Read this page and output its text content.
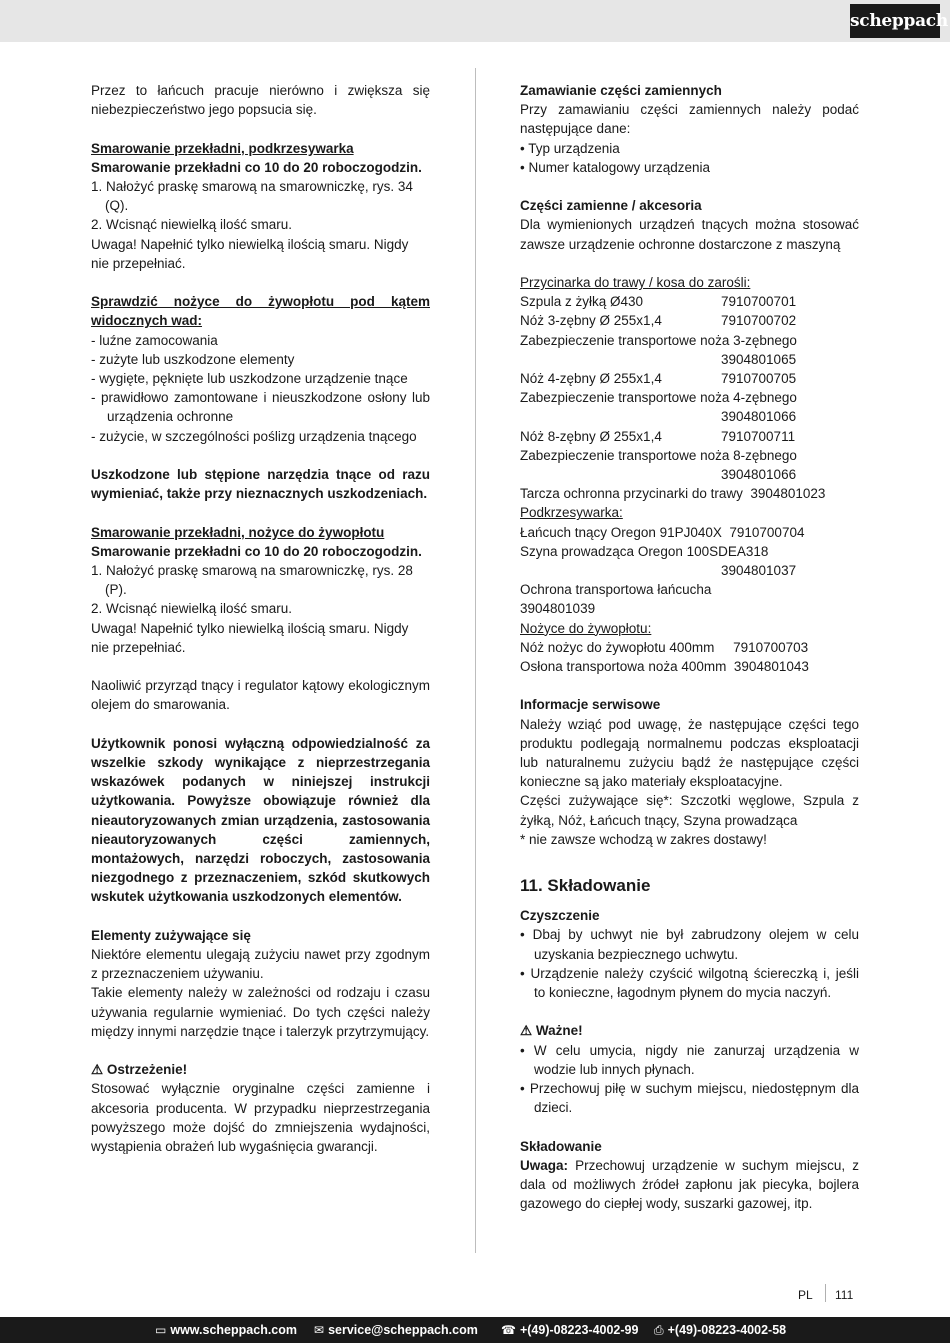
scheppach

Przez to łańcuch pracuje nierówno i zwiększa się niebezpieczeństwo jego popsucia się.

Smarowanie przekładni, podkrzesywarka

Smarowanie przekładni co 10 do 20 roboczogodzin.

1. Nałożyć praskę smarową na smarowniczkę, rys. 34 (Q).

2. Wcisnąć niewielką ilość smaru.

Uwaga! Napełnić tylko niewielką ilością smaru. Nigdy nie przepełniać.

Sprawdzić nożyce do żywopłotu pod kątem widocznych wad:

- luźne zamocowania

- zużyte lub uszkodzone elementy

- wygięte, pęknięte lub uszkodzone urządzenie tnące

- prawidłowo zamontowane i nieuszkodzone osłony lub urządzenia ochronne

- zużycie, w szczególności poślizg urządzenia tnącego

Uszkodzone lub stępione narzędzia tnące od razu wymieniać, także przy nieznacznych uszkodzeniach.

Smarowanie przekładni, nożyce do żywopłotu

Smarowanie przekładni co 10 do 20 roboczogodzin.

1. Nałożyć praskę smarową na smarowniczkę, rys. 28 (P).

2. Wcisnąć niewielką ilość smaru.

Uwaga! Napełnić tylko niewielką ilością smaru. Nigdy nie przepełniać.

Naoliwić przyrząd tnący i regulator kątowy ekologicznym olejem do smarowania.

Użytkownik ponosi wyłączną odpowiedzialność za wszelkie szkody wynikające z nieprzestrzegania wskazówek podanych w niniejszej instrukcji użytkowania. Powyższe obowiązuje również dla nieautoryzowanych zmian urządzenia, zastosowania nieautoryzowanych części zamiennych, montażowych, narzędzi roboczych, zastosowania niezgodnego z przeznaczeniem, szkód skutkowych wskutek użytkowania uszkodzonych elementów.

Elementy zużywające się

Niektóre elementu ulegają zużyciu nawet przy zgodnym z przeznaczeniem używaniu.

Takie elementy należy w zależności od rodzaju i czasu używania regularnie wymieniać. Do tych części należy między innymi narzędzie tnące i talerzyk przytrzymujący.

⚠ Ostrzeżenie!

Stosować wyłącznie oryginalne części zamienne i akcesoria producenta. W przypadku nieprzestrzegania powyższego może dojść do zmniejszenia wydajności, wystąpienia obrażeń lub wygaśnięcia gwarancji.

Zamawianie części zamiennych

Przy zamawianiu części zamiennych należy podać następujące dane:

• Typ urządzenia

• Numer katalogowy urządzenia

Części zamienne / akcesoria

Dla wymienionych urządzeń tnących można stosować zawsze urządzenie ochronne dostarczone z maszyną

Przycinarka do trawy / kosa do zarośli:

Szpula z żyłką Ø430	7910700701
Nóż 3-zębny Ø 255x1,4	7910700702

Zabezpieczenie transportowe noża 3-zębnego

3904801065

Nóż 4-zębny Ø 255x1,4	7910700705

Zabezpieczenie transportowe noża 4-zębnego

3904801066

Nóż 8-zębny Ø 255x1,4	7910700711

Zabezpieczenie transportowe noża 8-zębnego

3904801066

Tarcza ochronna przycinarki do trawy  3904801023

Podkrzesywarka:

Łańcuch tnący Oregon 91PJ040X  7910700704

Szyna prowadząca Oregon 100SDEA318

3904801037

Ochrona transportowa łańcucha

3904801039

Nożyce do żywopłotu:

Nóż nożyc do żywopłotu 400mm     7910700703

Osłona transportowa noża 400mm  3904801043

Informacje serwisowe

Należy wziąć pod uwagę, że następujące części tego produktu podlegają normalnemu podczas eksploatacji lub naturalnemu zużyciu bądź że następujące części konieczne są jako materiały eksploatacyjne.

Części zużywające się*: Szczotki węglowe, Szpula z żyłką, Nóż, Łańcuch tnący, Szyna prowadząca

* nie zawsze wchodzą w zakres dostawy!

11. Składowanie

Czyszczenie

• Dbaj by uchwyt nie był zabrudzony olejem w celu uzyskania bezpiecznego uchwytu.

• Urządzenie należy czyścić wilgotną ściereczką i, jeśli to konieczne, łagodnym płynem do mycia naczyń.

⚠ Ważne!

• W celu umycia, nigdy nie zanurzaj urządzenia w wodzie lub innych płynach.

• Przechowuj piłę w suchym miejscu, niedostępnym dla dzieci.

Składowanie

Uwaga: Przechowuj urządzenie w suchym miejscu, z dala od możliwych źródeł zapłonu jak piecyka, bojlera gazowego do ciepłej wody, suszarki gazowej, itp.

PL 111
▭ www.scheppach.com ✉ service@scheppach.com ☎ +(49)-08223-4002-99 ⎙ +(49)-08223-4002-58
